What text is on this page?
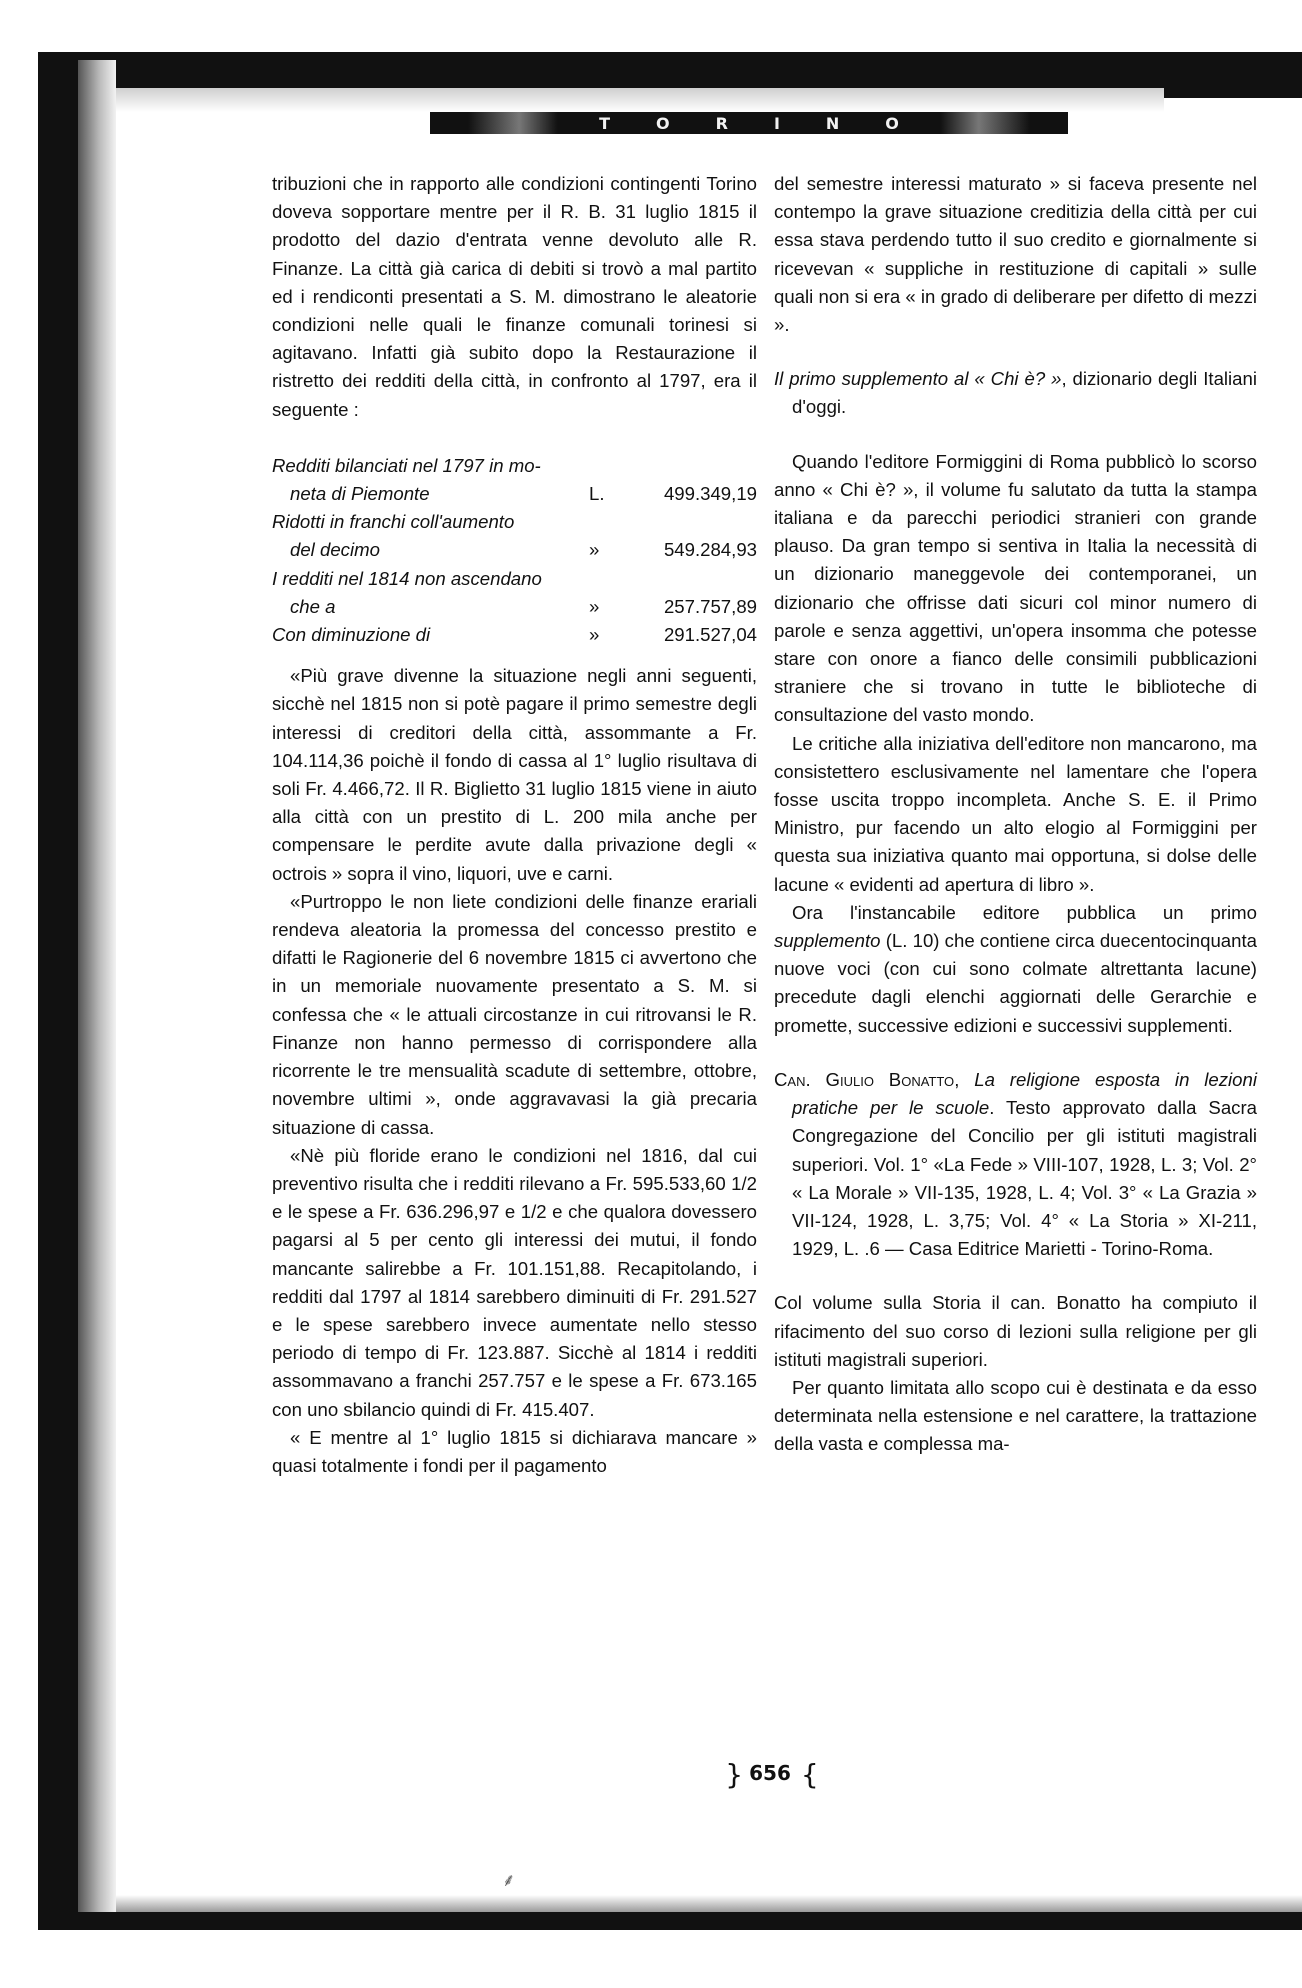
TORINO

tribuzioni che in rapporto alle condizioni contingenti Torino doveva sopportare mentre per il R. B. 31 luglio 1815 il prodotto del dazio d'entrata venne devoluto alle R. Finanze. La città già carica di debiti si trovò a mal partito ed i rendiconti presentati a S. M. dimostrano le aleatorie condizioni nelle quali le finanze comunali torinesi si agitavano. Infatti già subito dopo la Restaurazione il ristretto dei redditi della città, in confronto al 1797, era il seguente :

Redditi bilanciati nel 1797 in mo-
neta di Piemonte	L.	499.349,19
Ridotti in franchi coll'aumento
del decimo	»	549.284,93
I redditi nel 1814 non ascendano
che a	»	257.757,89
Con diminuzione di	»	291.527,04

«Più grave divenne la situazione negli anni seguenti, sicchè nel 1815 non si potè pagare il primo semestre degli interessi di creditori della città, assommante a Fr. 104.114,36 poichè il fondo di cassa al 1° luglio risultava di soli Fr. 4.466,72. Il R. Biglietto 31 luglio 1815 viene in aiuto alla città con un prestito di L. 200 mila anche per compensare le perdite avute dalla privazione degli « octrois » sopra il vino, liquori, uve e carni.

«Purtroppo le non liete condizioni delle finanze erariali rendeva aleatoria la promessa del concesso prestito e difatti le Ragionerie del 6 novembre 1815 ci avvertono che in un memoriale nuovamente presentato a S. M. si confessa che « le attuali circostanze in cui ritrovansi le R. Finanze non hanno permesso di corrispondere alla ricorrente le tre mensualità scadute di settembre, ottobre, novembre ultimi », onde aggravavasi la già precaria situazione di cassa.

«Nè più floride erano le condizioni nel 1816, dal cui preventivo risulta che i redditi rilevano a Fr. 595.533,60 1/2 e le spese a Fr. 636.296,97 e 1/2 e che qualora dovessero pagarsi al 5 per cento gli interessi dei mutui, il fondo mancante salirebbe a Fr. 101.151,88. Recapitolando, i redditi dal 1797 al 1814 sarebbero diminuiti di Fr. 291.527 e le spese sarebbero invece aumentate nello stesso periodo di tempo di Fr. 123.887. Sicchè al 1814 i redditi assommavano a franchi 257.757 e le spese a Fr. 673.165 con uno sbilancio quindi di Fr. 415.407.

« E mentre al 1° luglio 1815 si dichiarava mancare » quasi totalmente i fondi per il pagamento

del semestre interessi maturato » si faceva presente nel contempo la grave situazione creditizia della città per cui essa stava perdendo tutto il suo credito e giornalmente si ricevevan « suppliche in restituzione di capitali » sulle quali non si era « in grado di deliberare per difetto di mezzi ».

Il primo supplemento al « Chi è? », dizionario degli Italiani d'oggi.

Quando l'editore Formiggini di Roma pubblicò lo scorso anno « Chi è? », il volume fu salutato da tutta la stampa italiana e da parecchi periodici stranieri con grande plauso. Da gran tempo si sentiva in Italia la necessità di un dizionario maneggevole dei contemporanei, un dizionario che offrisse dati sicuri col minor numero di parole e senza aggettivi, un'opera insomma che potesse stare con onore a fianco delle consimili pubblicazioni straniere che si trovano in tutte le biblioteche di consultazione del vasto mondo.

Le critiche alla iniziativa dell'editore non mancarono, ma consistettero esclusivamente nel lamentare che l'opera fosse uscita troppo incompleta. Anche S. E. il Primo Ministro, pur facendo un alto elogio al Formiggini per questa sua iniziativa quanto mai opportuna, si dolse delle lacune « evidenti ad apertura di libro ».

Ora l'instancabile editore pubblica un primo supplemento (L. 10) che contiene circa duecentocinquanta nuove voci (con cui sono colmate altrettanta lacune) precedute dagli elenchi aggiornati delle Gerarchie e promette, successive edizioni e successivi supplementi.

Can. Giulio Bonatto, La religione esposta in lezioni pratiche per le scuole. Testo approvato dalla Sacra Congregazione del Concilio per gli istituti magistrali superiori. Vol. 1° «La Fede » VIII-107, 1928, L. 3; Vol. 2° « La Morale » VII-135, 1928, L. 4; Vol. 3° « La Grazia » VII-124, 1928, L. 3,75; Vol. 4° « La Storia » XI-211, 1929, L. .6 — Casa Editrice Marietti - Torino-Roma.

Col volume sulla Storia il can. Bonatto ha compiuto il rifacimento del suo corso di lezioni sulla religione per gli istituti magistrali superiori.

Per quanto limitata allo scopo cui è destinata e da esso determinata nella estensione e nel carattere, la trattazione della vasta e complessa ma-

} 656 {
⸙
